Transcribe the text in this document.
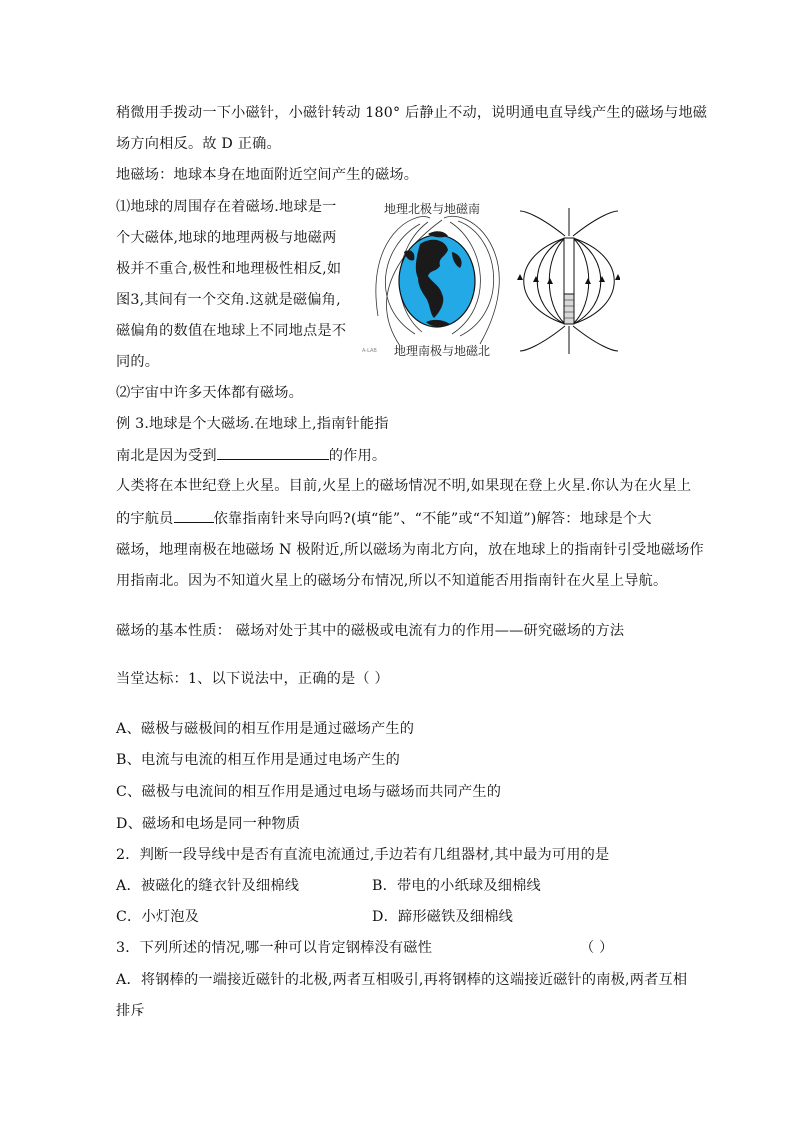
稍微用手拨动一下小磁针，小磁针转动 180° 后静止不动，说明通电直导线产生的磁场与地磁
场方向相反。故 D 正确。
地磁场：地球本身在地面附近空间产生的磁场。
⑴地球的周围存在着磁场.地球是一
个大磁体,地球的地理两极与地磁两
极并不重合,极性和地理极性相反,如
图3,其间有一个交角.这就是磁偏角,
磁偏角的数值在地球上不同地点是不
同的。
地理北极与地磁南
地理南极与地磁北
A-LAB
⑵宇宙中许多天体都有磁场。
例 3.地球是个大磁场.在地球上,指南针能指
南北是因为受到	的作用。
人类将在本世纪登上火星。目前,火星上的磁场情况不明,如果现在登上火星.你认为在火星上
的宇航员	依靠指南针来导向吗?(填“能”、“不能”或“不知道”)解答：地球是个大
磁场，地理南极在地磁场 N 极附近,所以磁场为南北方向，放在地球上的指南针引受地磁场作
用指南北。因为不知道火星上的磁场分布情况,所以不知道能否用指南针在火星上导航。
磁场的基本性质： 磁场对处于其中的磁极或电流有力的作用——研究磁场的方法
当堂达标：1、以下说法中，正确的是（ ）
A、磁极与磁极间的相互作用是通过磁场产生的
B、电流与电流的相互作用是通过电场产生的
C、磁极与电流间的相互作用是通过电场与磁场而共同产生的
D、磁场和电场是同一种物质
2．判断一段导线中是否有直流电流通过,手边若有几组器材,其中最为可用的是
A．被磁化的缝衣针及细棉线	B．带电的小纸球及细棉线
C．小灯泡及	D．蹄形磁铁及细棉线
3．下列所述的情况,哪一种可以肯定钢棒没有磁性	（ ）
A．将钢棒的一端接近磁针的北极,两者互相吸引,再将钢棒的这端接近磁针的南极,两者互相
排斥
